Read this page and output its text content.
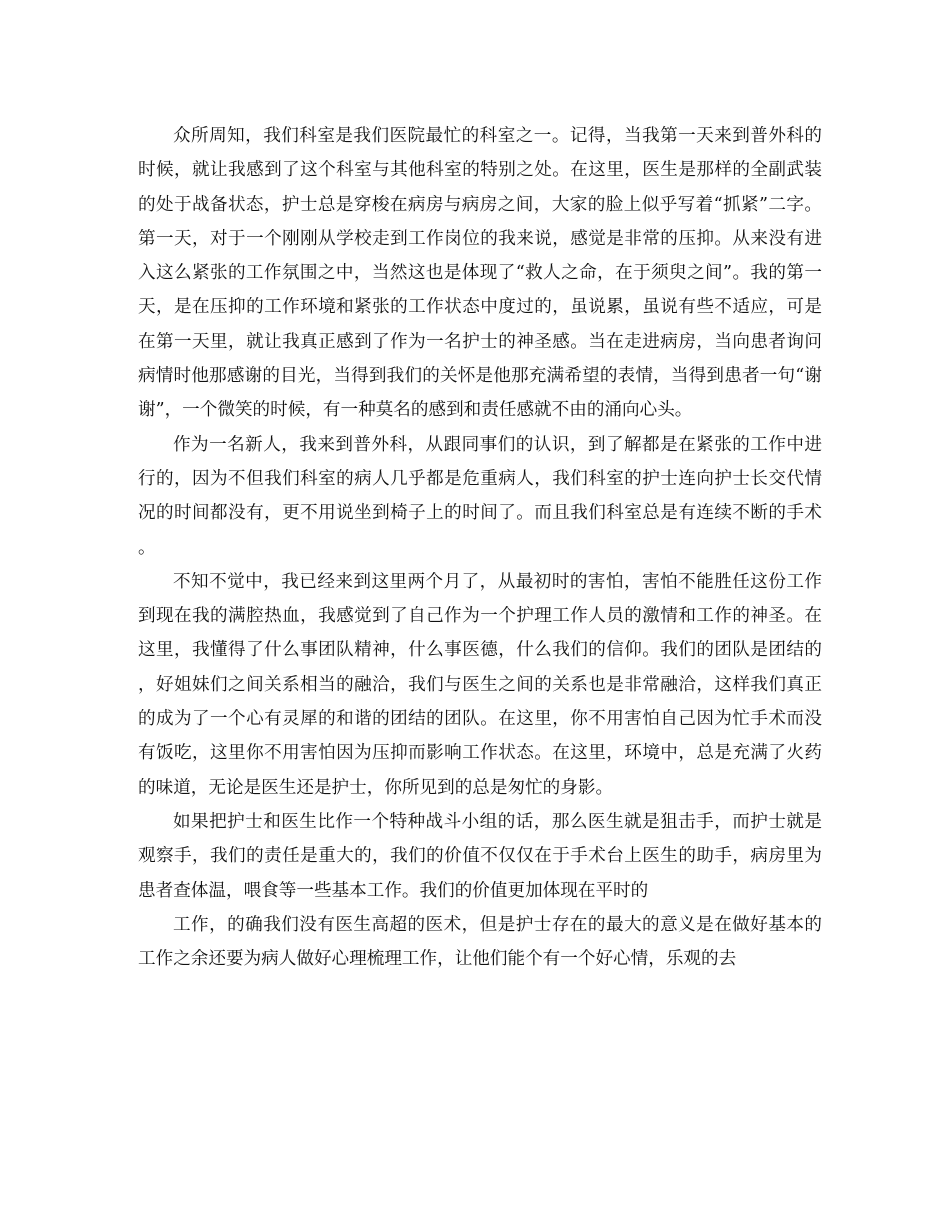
众所周知，我们科室是我们医院最忙的科室之一。记得，当我第一天来到普外科的时候，就让我感到了这个科室与其他科室的特别之处。在这里，医生是那样的全副武装的处于战备状态，护士总是穿梭在病房与病房之间，大家的脸上似乎写着“抓紧”二字。第一天，对于一个刚刚从学校走到工作岗位的我来说，感觉是非常的压抑。从来没有进入这么紧张的工作氛围之中，当然这也是体现了“救人之命，在于须臾之间”。我的第一天，是在压抑的工作环境和紧张的工作状态中度过的，虽说累，虽说有些不适应，可是在第一天里，就让我真正感到了作为一名护士的神圣感。当在走进病房，当向患者询问病情时他那感谢的目光，当得到我们的关怀是他那充满希望的表情，当得到患者一句“谢谢”，一个微笑的时候，有一种莫名的感到和责任感就不由的涌向心头。

作为一名新人，我来到普外科，从跟同事们的认识，到了解都是在紧张的工作中进行的，因为不但我们科室的病人几乎都是危重病人，我们科室的护士连向护士长交代情况的时间都没有，更不用说坐到椅子上的时间了。而且我们科室总是有连续不断的手术。

不知不觉中，我已经来到这里两个月了，从最初时的害怕，害怕不能胜任这份工作到现在我的满腔热血，我感觉到了自己作为一个护理工作人员的激情和工作的神圣。在这里，我懂得了什么事团队精神，什么事医德，什么我们的信仰。我们的团队是团结的，好姐妹们之间关系相当的融洽，我们与医生之间的关系也是非常融洽，这样我们真正的成为了一个心有灵犀的和谐的团结的团队。在这里，你不用害怕自己因为忙手术而没有饭吃，这里你不用害怕因为压抑而影响工作状态。在这里，环境中，总是充满了火药的味道，无论是医生还是护士，你所见到的总是匆忙的身影。

如果把护士和医生比作一个特种战斗小组的话，那么医生就是狙击手，而护士就是观察手，我们的责任是重大的，我们的价值不仅仅在于手术台上医生的助手，病房里为患者查体温，喂食等一些基本工作。我们的价值更加体现在平时的

工作，的确我们没有医生高超的医术，但是护士存在的最大的意义是在做好基本的工作之余还要为病人做好心理梳理工作，让他们能个有一个好心情，乐观的去
